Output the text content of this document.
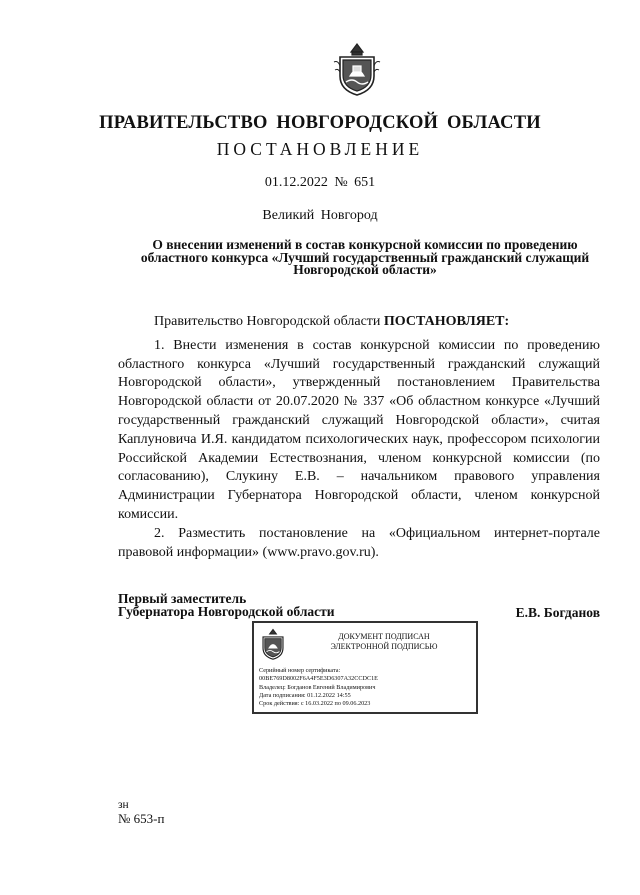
ПРАВИТЕЛЬСТВО НОВГОРОДСКОЙ ОБЛАСТИ
ПОСТАНОВЛЕНИЕ
01.12.2022 № 651
Великий Новгород
О внесении изменений в состав конкурсной комиссии по проведению областного конкурса «Лучший государственный гражданский служащий Новгородской области»

Правительство Новгородской области ПОСТАНОВЛЯЕТ:

1. Внести изменения в состав конкурсной комиссии по проведению областного конкурса «Лучший государственный гражданский служащий Новгородской области», утвержденный постановлением Правительства Новгородской области от 20.07.2020 № 337 «Об областном конкурсе «Лучший государственный гражданский служащий Новгородской области», считая Каплуновича И.Я. кандидатом психологических наук, профессором психологии Российской Академии Естествознания, членом конкурсной комиссии (по согласованию), Слукину Е.В. – начальником правового управления Администрации Губернатора Новгородской области, членом конкурсной комиссии.

2. Разместить постановление на «Официальном интернет-портале правовой информации» (www.pravo.gov.ru).

Первый заместитель
Губернатора Новгородской области	Е.В. Богданов
ДОКУМЕНТ ПОДПИСАН
ЭЛЕКТРОННОЙ ПОДПИСЬЮ
Серийный номер сертификата:
00BE769D8002F6A4F5E3D6307A32CCDC1E
Владелец: Богданов Евгений Владимирович
Дата подписания: 01.12.2022 14:55
Срок действия: с 16.03.2022 по 09.06.2023
зн
№ 653-п
